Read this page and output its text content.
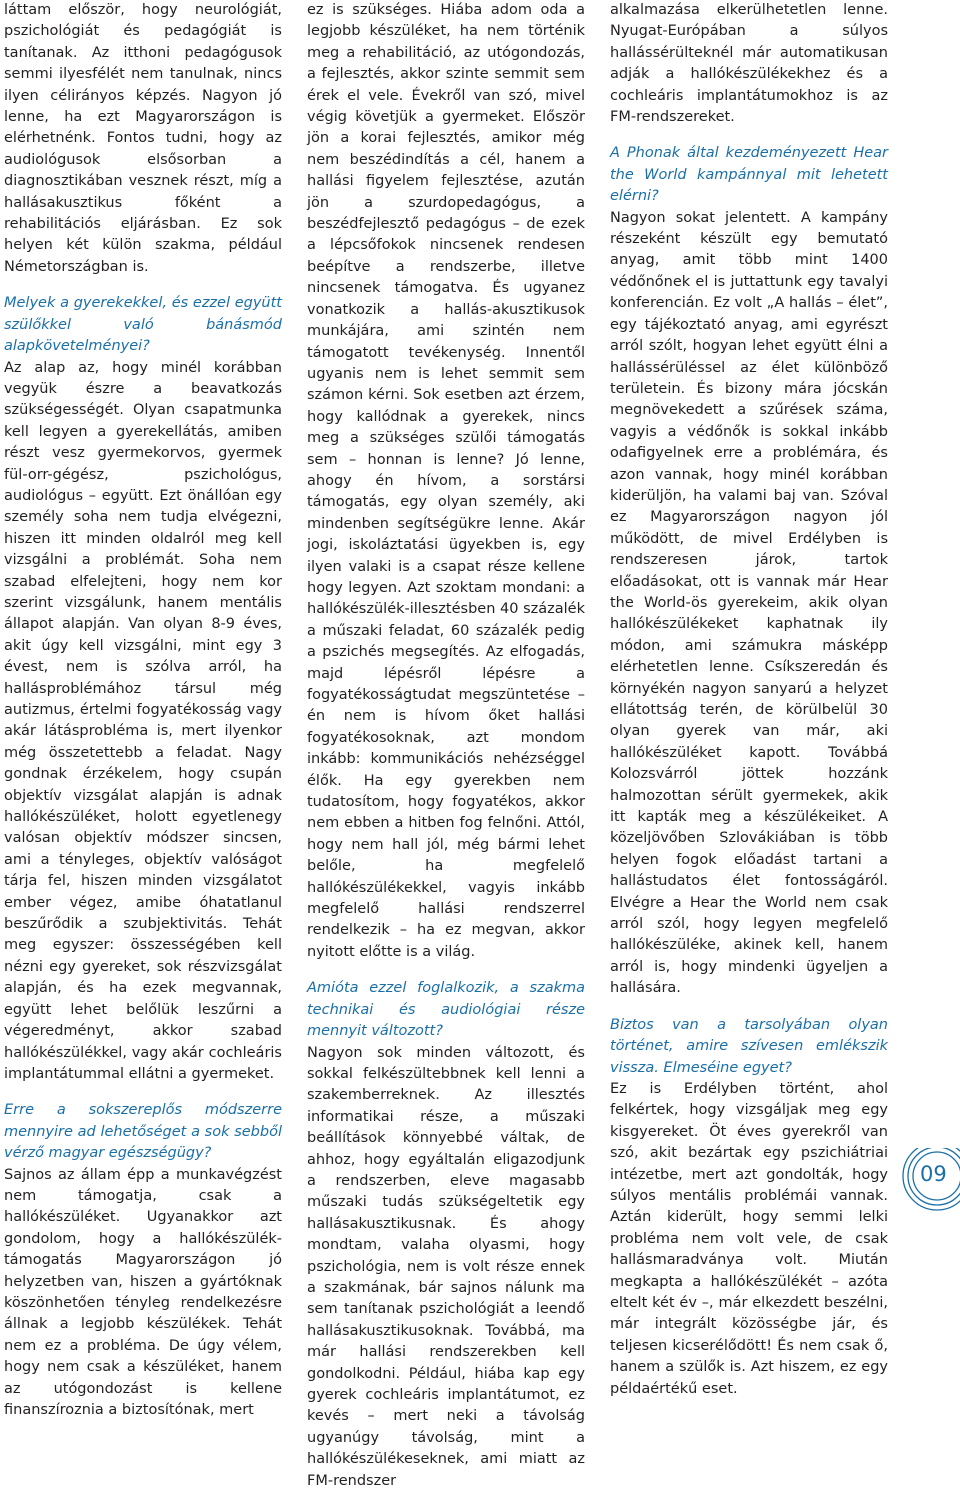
láttam először, hogy neurológiát, pszichológiát és pedagógiát is tanítanak. Az itthoni pedagógusok semmi ilyesfélét nem tanulnak, nincs ilyen célirányos képzés. Nagyon jó lenne, ha ezt Magyarországon is elérhetnénk. Fontos tudni, hogy az audiológusok elsősorban a diagnosztikában vesznek részt, míg a hallásakusztikus főként a rehabilitációs eljárásban. Ez sok helyen két külön szakma, például Németországban is.

Melyek a gyerekekkel, és ezzel együtt szülőkkel való bánásmód alapkövetelményei?

Az alap az, hogy minél korábban vegyük észre a beavatkozás szükségességét. Olyan csapatmunka kell legyen a gyerekellátás, amiben részt vesz gyermekorvos, gyermek fül-orr-gégész, pszichológus, audiológus – együtt. Ezt önállóan egy személy soha nem tudja elvégezni, hiszen itt minden oldalról meg kell vizsgálni a problémát. Soha nem szabad elfelejteni, hogy nem kor szerint vizsgálunk, hanem mentális állapot alapján. Van olyan 8-9 éves, akit úgy kell vizsgálni, mint egy 3 évest, nem is szólva arról, ha hallásproblémához társul még autizmus, értelmi fogyatékosság vagy akár látásprobléma is, mert ilyenkor még összetettebb a feladat. Nagy gondnak érzékelem, hogy csupán objektív vizsgálat alapján is adnak hallókészüléket, holott egyetlenegy valósan objektív módszer sincsen, ami a tényleges, objektív valóságot tárja fel, hiszen minden vizsgálatot ember végez, amibe óhatatlanul beszűrődik a szubjektivitás. Tehát meg egyszer: összességében kell nézni egy gyereket, sok részvizsgálat alapján, és ha ezek megvannak, együtt lehet belőlük leszűrni a végeredményt, akkor szabad hallókészülékkel, vagy akár cochleáris implantátummal ellátni a gyermeket.

Erre a sokszereplős módszerre mennyire ad lehetőséget a sok sebből vérző magyar egészségügy?

Sajnos az állam épp a munkavégzést nem támogatja, csak a hallókészüléket. Ugyanakkor azt gondolom, hogy a hallókészülék-támogatás Magyarországon jó helyzetben van, hiszen a gyártóknak köszönhetően tényleg rendelkezésre állnak a legjobb készülékek. Tehát nem ez a probléma. De úgy vélem, hogy nem csak a készüléket, hanem az utógondozást is kellene finanszíroznia a biztosítónak, mert

ez is szükséges. Hiába adom oda a legjobb készüléket, ha nem történik meg a rehabilitáció, az utógondozás, a fejlesztés, akkor szinte semmit sem érek el vele. Évekről van szó, mivel végig követjük a gyermeket. Először jön a korai fejlesztés, amikor még nem beszédindítás a cél, hanem a hallási figyelem fejlesztése, azután jön a szurdopedagógus, a beszédfejlesztő pedagógus – de ezek a lépcsőfokok nincsenek rendesen beépítve a rendszerbe, illetve nincsenek támogatva. És ugyanez vonatkozik a hallás-akusztikusok munkájára, ami szintén nem támogatott tevékenység. Innentől ugyanis nem is lehet semmit sem számon kérni. Sok esetben azt érzem, hogy kallódnak a gyerekek, nincs meg a szükséges szülői támogatás sem – honnan is lenne? Jó lenne, ahogy én hívom, a sorstársi támogatás, egy olyan személy, aki mindenben segítségükre lenne. Akár jogi, iskoláztatási ügyekben is, egy ilyen valaki is a csapat része kellene hogy legyen. Azt szoktam mondani: a hallókészülék-illesztésben 40 százalék a műszaki feladat, 60 százalék pedig a pszichés megsegítés. Az elfogadás, majd lépésről lépésre a fogyatékosságtudat megszüntetése – én nem is hívom őket hallási fogyatékosoknak, azt mondom inkább: kommunikációs nehézséggel élők. Ha egy gyerekben nem tudatosítom, hogy fogyatékos, akkor nem ebben a hitben fog felnőni. Attól, hogy nem hall jól, még bármi lehet belőle, ha megfelelő hallókészülékekkel, vagyis inkább megfelelő hallási rendszerrel rendelkezik – ha ez megvan, akkor nyitott előtte is a világ.

Amióta ezzel foglalkozik, a szakma technikai és audiológiai része mennyit változott?

Nagyon sok minden változott, és sokkal felkészültebbnek kell lenni a szakemberreknek. Az illesztés informatikai része, a műszaki beállítások könnyebbé váltak, de ahhoz, hogy egyáltalán eligazodjunk a rendszerben, eleve magasabb műszaki tudás szükségeltetik egy hallásakusztikusnak. És ahogy mondtam, valaha olyasmi, hogy pszichológia, nem is volt része ennek a szakmának, bár sajnos nálunk ma sem tanítanak pszichológiát a leendő hallásakusztikusoknak. Továbbá, ma már hallási rendszerekben kell gondolkodni. Például, hiába kap egy gyerek cochleáris implantátumot, ez kevés – mert neki a távolság ugyanúgy távolság, mint a hallókészülékeseknek, ami miatt az FM-rendszer

alkalmazása elkerülhetetlen lenne. Nyugat-Európában a súlyos hallássérülteknél már automatikusan adják a hallókészülékekhez és a cochleáris implantátumokhoz is az FM-rendszereket.

A Phonak által kezdeményezett Hear the World kampánnyal mit lehetett elérni?

Nagyon sokat jelentett. A kampány részeként készült egy bemutató anyag, amit több mint 1400 védőnőnek el is juttattunk egy tavalyi konferencián. Ez volt „A hallás – élet”, egy tájékoztató anyag, ami egyrészt arról szólt, hogyan lehet együtt élni a hallássérüléssel az élet különböző területein. És bizony mára jócskán megnövekedett a szűrések száma, vagyis a védőnők is sokkal inkább odafigyelnek erre a problémára, és azon vannak, hogy minél korábban kiderüljön, ha valami baj van. Szóval ez Magyarországon nagyon jól működött, de mivel Erdélyben is rendszeresen járok, tartok előadásokat, ott is vannak már Hear the World-ös gyerekeim, akik olyan hallókészülékeket kaphatnak ily módon, ami számukra másképp elérhetetlen lenne. Csíkszeredán és környékén nagyon sanyarú a helyzet ellátottság terén, de körülbelül 30 olyan gyerek van már, aki hallókészüléket kapott. Továbbá Kolozsvárról jöttek hozzánk halmozottan sérült gyermekek, akik itt kapták meg a készülékeiket. A közeljövőben Szlovákiában is több helyen fogok előadást tartani a hallástudatos élet fontosságáról. Elvégre a Hear the World nem csak arról szól, hogy legyen megfelelő hallókészüléke, akinek kell, hanem arról is, hogy mindenki ügyeljen a hallására.

Biztos van a tarsolyában olyan történet, amire szívesen emlékszik vissza. Elmeséine egyet?

Ez is Erdélyben történt, ahol felkértek, hogy vizsgáljak meg egy kisgyereket. Öt éves gyerekről van szó, akit bezártak egy pszichiátriai intézetbe, mert azt gondolták, hogy súlyos mentális problémái vannak. Aztán kiderült, hogy semmi lelki probléma nem volt vele, de csak hallásmaradványa volt. Miután megkapta a hallókészülékét – azóta eltelt két év –, már elkezdett beszélni, már integrált közösségbe jár, és teljesen kicserélődött! És nem csak ő, hanem a szülők is. Azt hiszem, ez egy példaértékű eset.

09
